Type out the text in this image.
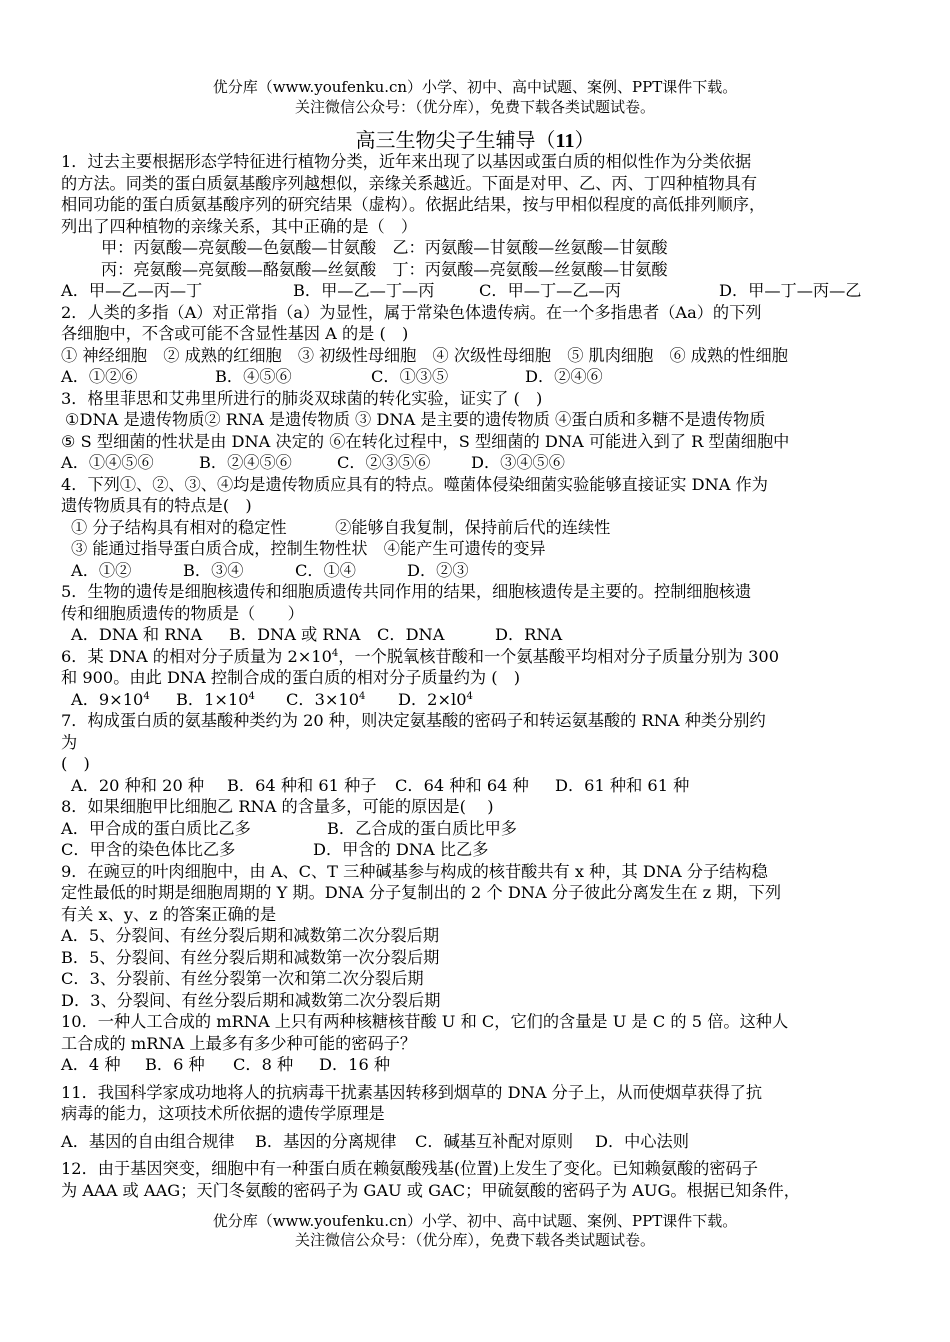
优分库（www.youfenku.cn）小学、初中、高中试题、案例、PPT课件下载。
关注微信公众号：（优分库），免费下载各类试题试卷。
高三生物尖子生辅导（11）
1．过去主要根据形态学特征进行植物分类，近年来出现了以基因或蛋白质的相似性作为分类依据
的方法。同类的蛋白质氨基酸序列越想似，亲缘关系越近。下面是对甲、乙、丙、丁四种植物具有
相同功能的蛋白质氨基酸序列的研究结果（虚构）。依据此结果，按与甲相似程度的高低排列顺序，
列出了四种植物的亲缘关系，其中正确的是（　）
甲：丙氨酸—亮氨酸—色氨酸—甘氨酸　乙：丙氨酸—甘氨酸—丝氨酸—甘氨酸
丙：亮氨酸—亮氨酸—酪氨酸—丝氨酸　丁：丙氨酸—亮氨酸—丝氨酸—甘氨酸
A．甲—乙—丙—丁	B．甲—乙—丁—丙	C．甲—丁—乙—丙	D．甲—丁—丙—乙
2．人类的多指（A）对正常指（a）为显性，属于常染色体遗传病。在一个多指患者（Aa）的下列
各细胞中，不含或可能不含显性基因 A 的是 (　)
① 神经细胞　② 成熟的红细胞　③ 初级性母细胞　④ 次级性母细胞　⑤ 肌肉细胞　⑥ 成熟的性细胞
A．①②⑥	B．④⑤⑥	C．①③⑤	D．②④⑥
3．格里菲思和艾弗里所进行的肺炎双球菌的转化实验，证实了 (　)
①DNA 是遗传物质② RNA 是遗传物质 ③ DNA 是主要的遗传物质 ④蛋白质和多糖不是遗传物质
⑤ S 型细菌的性状是由 DNA 决定的 ⑥在转化过程中，S 型细菌的 DNA 可能进入到了 R 型菌细胞中
A．①④⑤⑥	B．②④⑤⑥	C．②③⑤⑥	D．③④⑤⑥
4．下列①、②、③、④均是遗传物质应具有的特点。噬菌体侵染细菌实验能够直接证实 DNA 作为
遗传物质具有的特点是(　)
① 分子结构具有相对的稳定性　　　②能够自我复制，保持前后代的连续性
③ 能通过指导蛋白质合成，控制生物性状　④能产生可遗传的变异
A．①②	B．③④	C．①④	D．②③
5．生物的遗传是细胞核遗传和细胞质遗传共同作用的结果，细胞核遗传是主要的。控制细胞核遗
传和细胞质遗传的物质是（　　）
A．DNA 和 RNA B．DNA 或 RNA C．DNA	D．RNA
6．某 DNA 的相对分子质量为 $2\times 10^4$，一个脱氧核苷酸和一个氨基酸平均相对分子质量分别为 300
和 900。由此 DNA 控制合成的蛋白质的相对分子质量约为 (　)
A．$9\times 10^4$ B．$1\times 10^4$ C．$3\times 10^4$ D．$2\times l0^4$
7．构成蛋白质的氨基酸种类约为 20 种，则决定氨基酸的密码子和转运氨基酸的 RNA 种类分别约
为
(　)
A．20 种和 20 种 B．64 种和 61 种子 C．64 种和 64 种 D．61 种和 61 种
8．如果细胞甲比细胞乙 RNA 的含量多，可能的原因是(　 )
A．甲合成的蛋白质比乙多	B．乙合成的蛋白质比甲多
C．甲含的染色体比乙多	D．甲含的 DNA 比乙多
9．在豌豆的叶肉细胞中，由 A、C、T 三种碱基参与构成的核苷酸共有 x 种，其 DNA 分子结构稳
定性最低的时期是细胞周期的 Y 期。DNA 分子复制出的 2 个 DNA 分子彼此分离发生在 z 期，下列
有关 x、y、z 的答案正确的是
A．5、分裂间、有丝分裂后期和减数第二次分裂后期
B．5、分裂间、有丝分裂后期和减数第一次分裂后期
C．3、分裂前、有丝分裂第一次和第二次分裂后期
D．3、分裂间、有丝分裂后期和减数第二次分裂后期
10．一种人工合成的 mRNA 上只有两种核糖核苷酸 U 和 C，它们的含量是 U 是 C 的 5 倍。这种人
工合成的 mRNA 上最多有多少种可能的密码子？
A．4 种 B．6 种 C．8 种 D．16 种
11．我国科学家成功地将人的抗病毒干扰素基因转移到烟草的 DNA 分子上，从而使烟草获得了抗
病毒的能力，这项技术所依据的遗传学原理是
A．基因的自由组合规律 B．基因的分离规律 C．碱基互补配对原则 D．中心法则
12．由于基因突变，细胞中有一种蛋白质在赖氨酸残基(位置)上发生了变化。已知赖氨酸的密码子
为 AAA 或 AAG；天门冬氨酸的密码子为 GAU 或 GAC；甲硫氨酸的密码子为 AUG。根据已知条件，
优分库（www.youfenku.cn）小学、初中、高中试题、案例、PPT课件下载。
关注微信公众号：（优分库），免费下载各类试题试卷。
